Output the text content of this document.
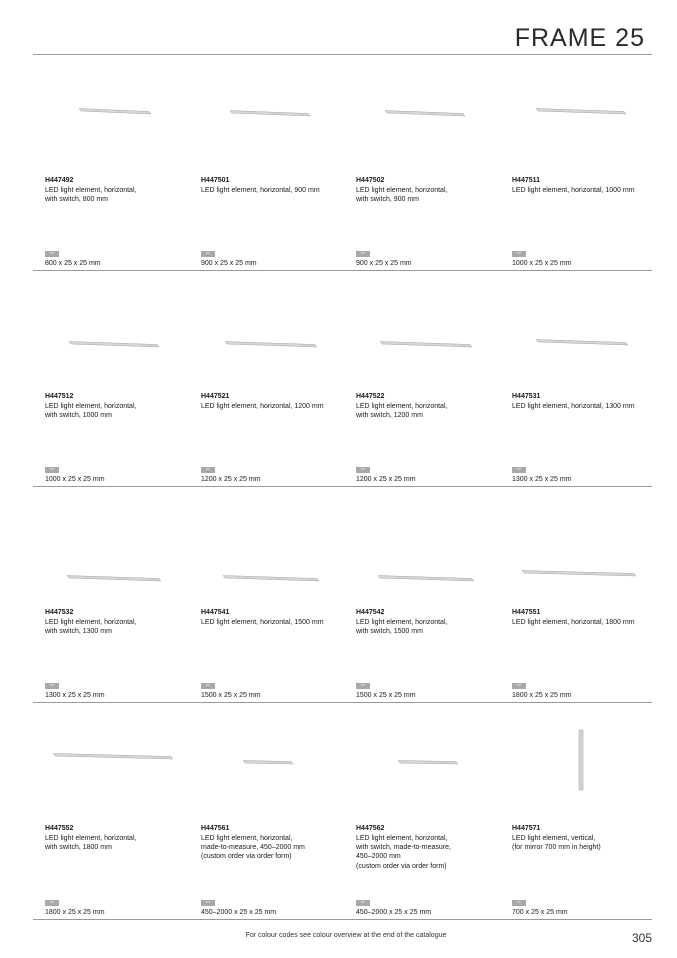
FRAME 25
H447492
LED light element, horizontal,
with switch, 800 mm
007
800 x 25 x 25 mm
H447501
LED light element, horizontal, 900 mm
007
900 x 25 x 25 mm
H447502
LED light element, horizontal,
with switch, 900 mm
007
900 x 25 x 25 mm
H447511
LED light element, horizontal, 1000 mm
007
1000 x 25 x 25 mm
H447512
LED light element, horizontal,
with switch, 1000 mm
007
1000 x 25 x 25 mm
H447521
LED light element, horizontal, 1200 mm
007
1200 x 25 x 25 mm
H447522
LED light element, horizontal,
with switch, 1200 mm
007
1200 x 25 x 25 mm
H447531
LED light element, horizontal, 1300 mm
007
1300 x 25 x 25 mm
H447532
LED light element, horizontal,
with switch, 1300 mm
007
1300 x 25 x 25 mm
H447541
LED light element, horizontal, 1500 mm
007
1500 x 25 x 25 mm
H447542
LED light element, horizontal,
with switch, 1500 mm
007
1500 x 25 x 25 mm
H447551
LED light element, horizontal, 1800 mm
007
1800 x 25 x 25 mm
H447552
LED light element, horizontal,
with switch, 1800 mm
007
1800 x 25 x 25 mm
H447561
LED light element, horizontal,
made-to-measure, 450–2000 mm
(custom order via order form)
007
450–2000 x 25 x 25 mm
H447562
LED light element, horizontal,
with switch, made-to-measure,
450–2000 mm
(custom order via order form)
007
450–2000 x 25 x 25 mm
H447571
LED light element, vertical,
(for mirror 700 mm in height)
007
700 x 25 x 25 mm
For colour codes see colour overview at the end of the catalogue	305
